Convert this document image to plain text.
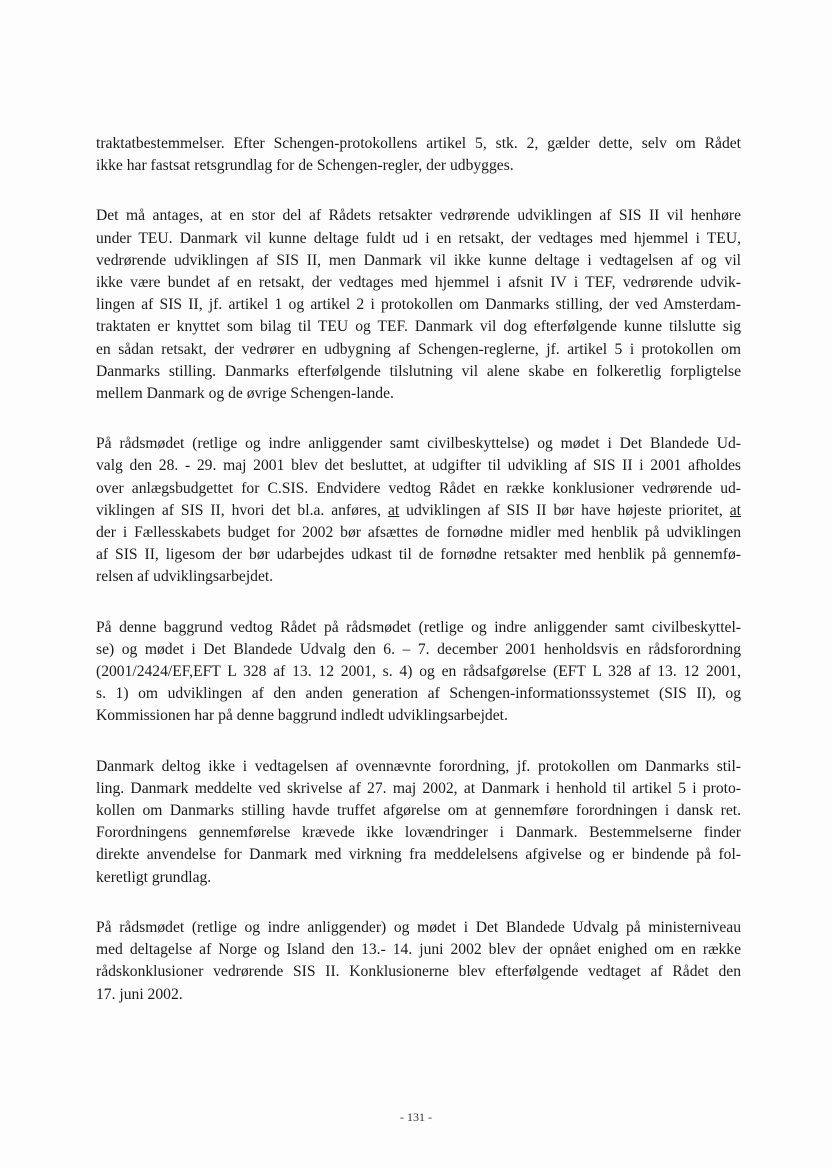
traktatbestemmelser. Efter Schengen-protokollens artikel 5, stk. 2, gælder dette, selv om Rådet
ikke har fastsat retsgrundlag for de Schengen-regler, der udbygges.

Det må antages, at en stor del af Rådets retsakter vedrørende udviklingen af SIS II vil henhøre
under TEU. Danmark vil kunne deltage fuldt ud i en retsakt, der vedtages med hjemmel i TEU,
vedrørende udviklingen af SIS II, men Danmark vil ikke kunne deltage i vedtagelsen af og vil
ikke være bundet af en retsakt, der vedtages med hjemmel i afsnit IV i TEF, vedrørende udvik-
lingen af SIS II, jf. artikel 1 og artikel 2 i protokollen om Danmarks stilling, der ved Amsterdam-
traktaten er knyttet som bilag til TEU og TEF. Danmark vil dog efterfølgende kunne tilslutte sig
en sådan retsakt, der vedrører en udbygning af Schengen-reglerne, jf. artikel 5 i protokollen om
Danmarks stilling. Danmarks efterfølgende tilslutning vil alene skabe en folkeretlig forpligtelse
mellem Danmark og de øvrige Schengen-lande.

På rådsmødet (retlige og indre anliggender samt civilbeskyttelse) og mødet i Det Blandede Ud-
valg den 28. - 29. maj 2001 blev det besluttet, at udgifter til udvikling af SIS II i 2001 afholdes
over anlægsbudgettet for C.SIS. Endvidere vedtog Rådet en række konklusioner vedrørende ud-
viklingen af SIS II, hvori det bl.a. anføres, at udviklingen af SIS II bør have højeste prioritet, at
der i Fællesskabets budget for 2002 bør afsættes de fornødne midler med henblik på udviklingen
af SIS II, ligesom der bør udarbejdes udkast til de fornødne retsakter med henblik på gennemfø-
relsen af udviklingsarbejdet.

På denne baggrund vedtog Rådet på rådsmødet (retlige og indre anliggender samt civilbeskyttel-
se) og mødet i Det Blandede Udvalg den 6. – 7. december 2001 henholdsvis en rådsforordning
(2001/2424/EF,EFT L 328 af 13. 12 2001, s. 4) og en rådsafgørelse (EFT L 328 af 13. 12 2001,
s. 1) om udviklingen af den anden generation af Schengen-informationssystemet (SIS II), og
Kommissionen har på denne baggrund indledt udviklingsarbejdet.

Danmark deltog ikke i vedtagelsen af ovennævnte forordning, jf. protokollen om Danmarks stil-
ling. Danmark meddelte ved skrivelse af 27. maj 2002, at Danmark i henhold til artikel 5 i proto-
kollen om Danmarks stilling havde truffet afgørelse om at gennemføre forordningen i dansk ret.
Forordningens gennemførelse krævede ikke lovændringer i Danmark. Bestemmelserne finder
direkte anvendelse for Danmark med virkning fra meddelelsens afgivelse og er bindende på fol-
keretligt grundlag.

På rådsmødet (retlige og indre anliggender) og mødet i Det Blandede Udvalg på ministerniveau
med deltagelse af Norge og Island den 13.- 14. juni 2002 blev der opnået enighed om en række
rådskonklusioner vedrørende SIS II. Konklusionerne blev efterfølgende vedtaget af Rådet den
17. juni 2002.

- 131 -
